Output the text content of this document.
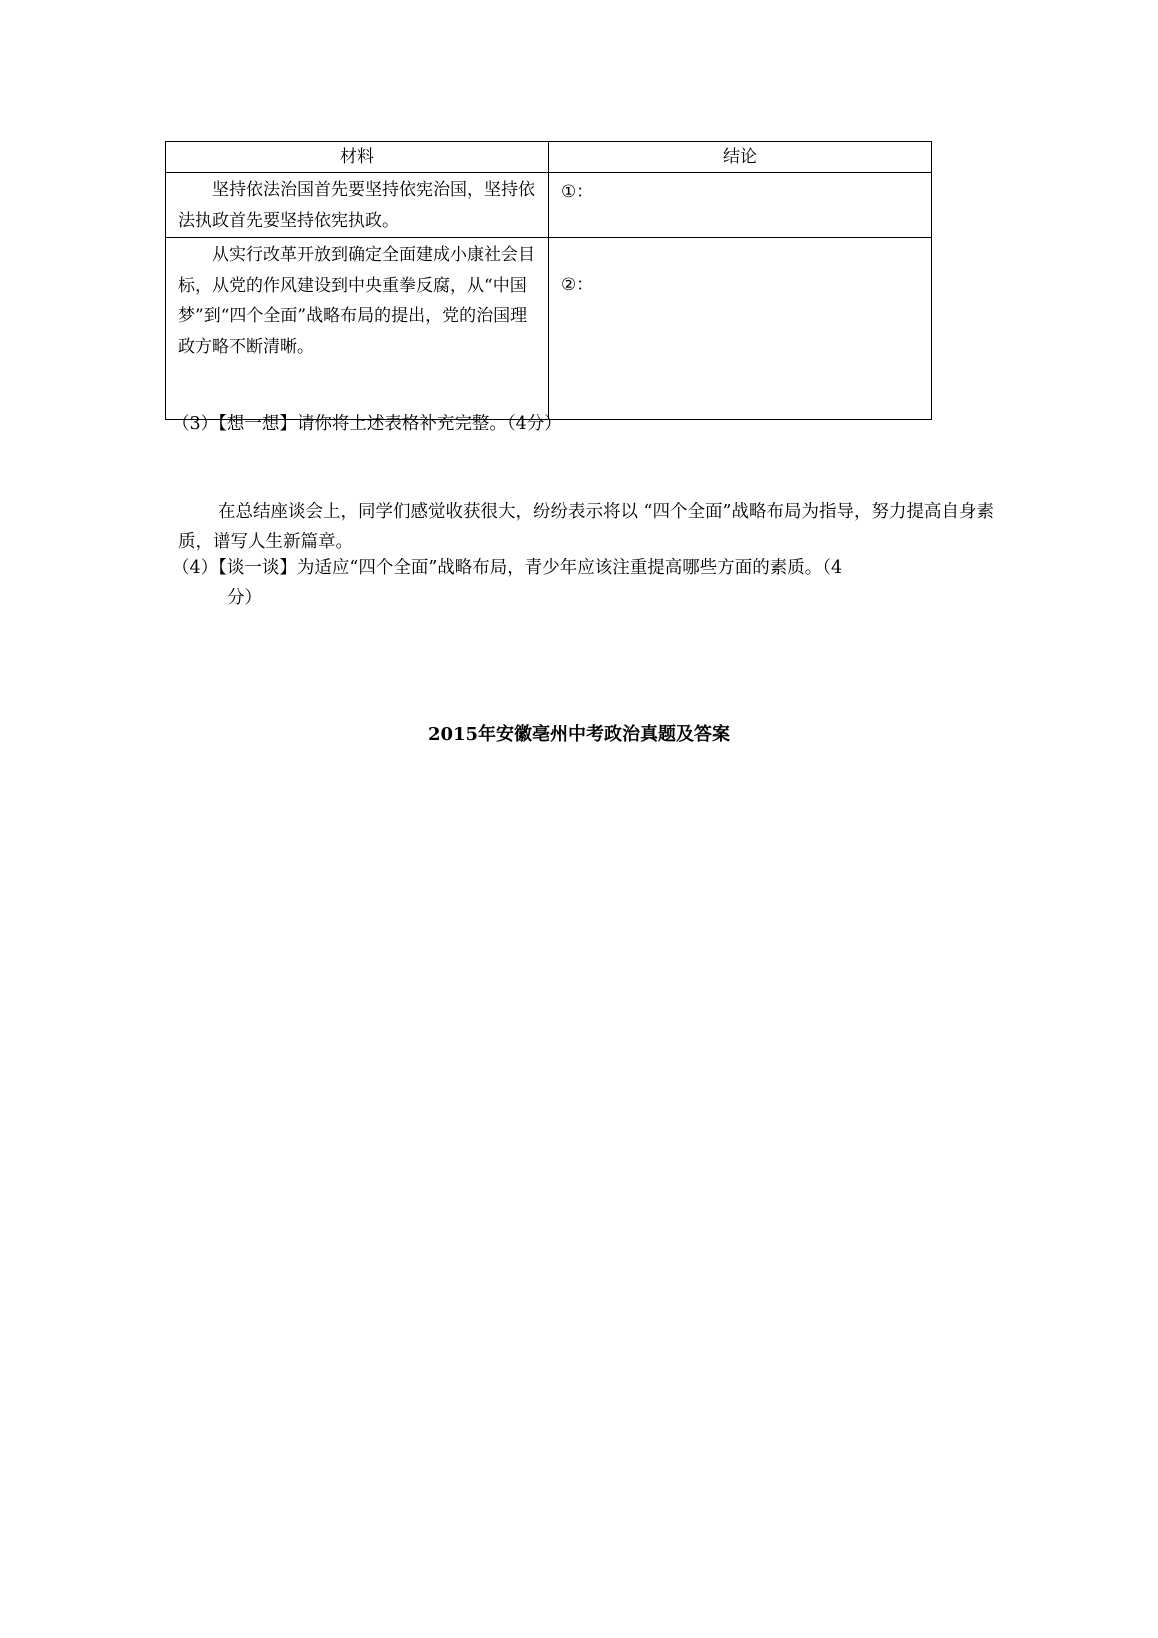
材料	结论

坚持依法治国首先要坚持依宪治国，坚持依法执政首先要坚持依宪执政。	①：

从实行改革开放到确定全面建成小康社会目标，从党的作风建设到中央重拳反腐，从“中国梦”到“四个全面”战略布局的提出，党的治国理政方略不断清晰。	②：

（3）【想一想】请你将上述表格补充完整。（4分）

在总结座谈会上，同学们感觉收获很大，纷纷表示将以 “四个全面”战略布局为指导，努力提高自身素质，谱写人生新篇章。
（4）【谈一谈】为适应“四个全面”战略布局，青少年应该注重提高哪些方面的素质。（4
分）
2015年安徽亳州中考政治真题及答案
